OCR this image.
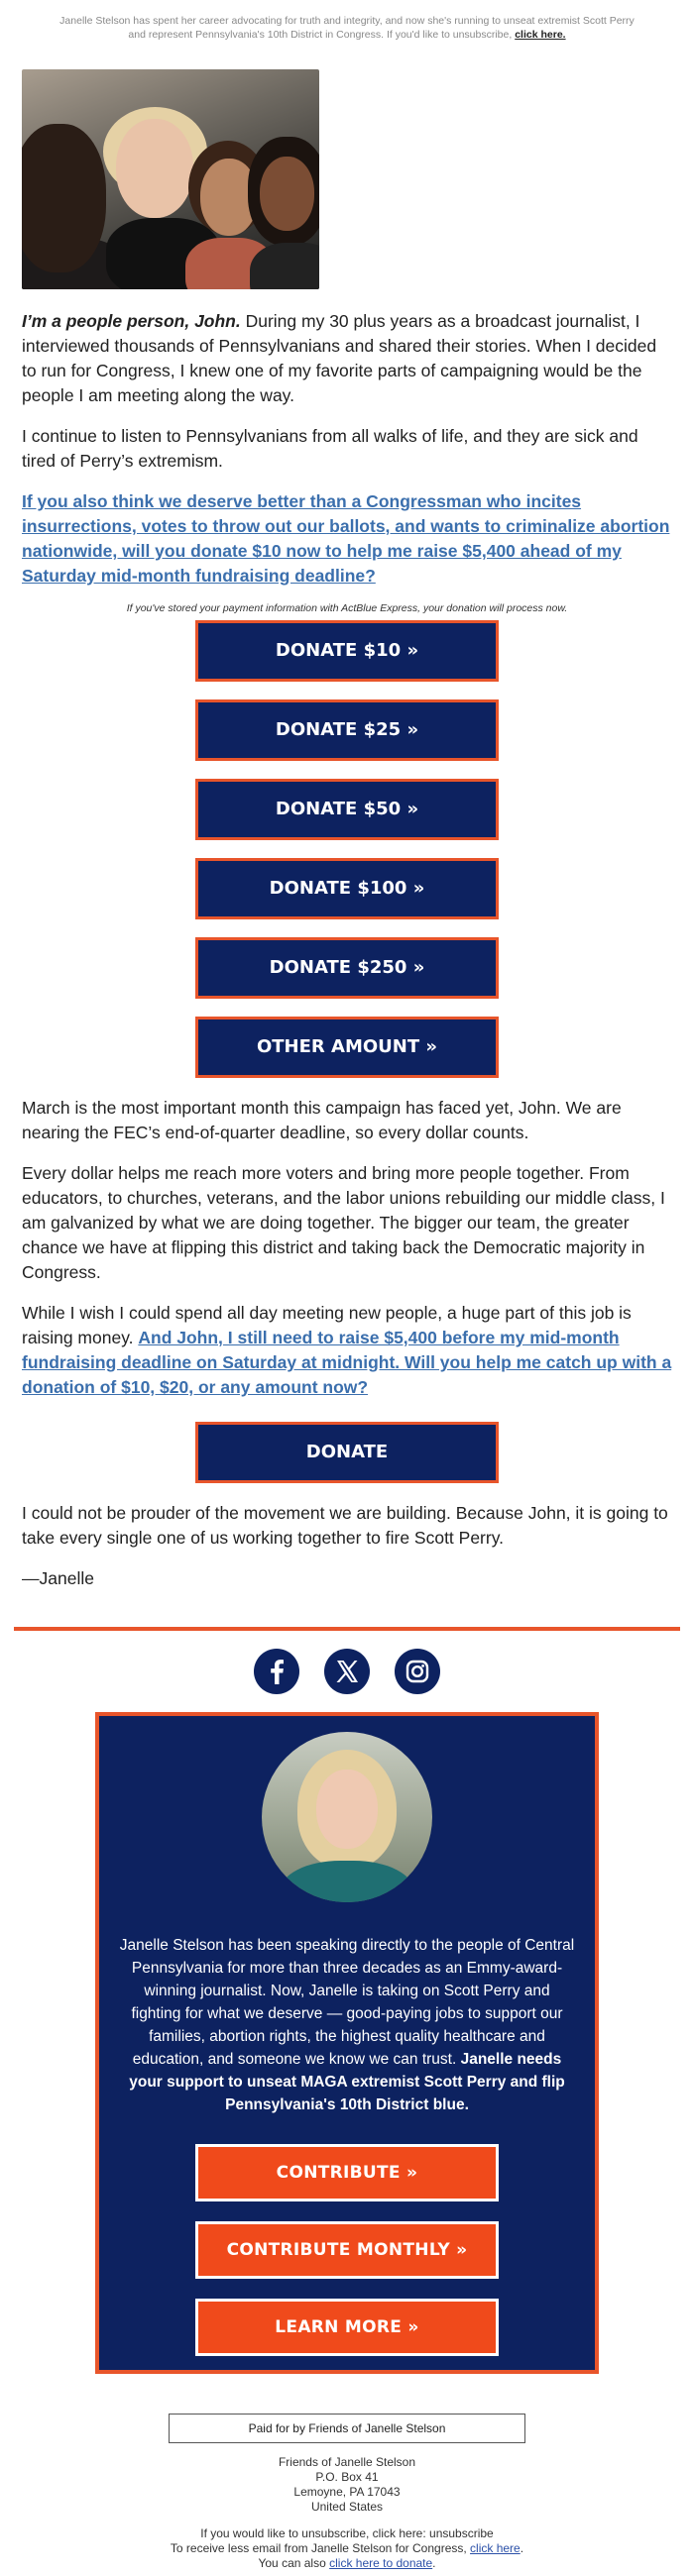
Janelle Stelson has spent her career advocating for truth and integrity, and now she's running to unseat extremist Scott Perry and represent Pennsylvania's 10th District in Congress. If you'd like to unsubscribe, click here.

I’m a people person, John. During my 30 plus years as a broadcast journalist, I interviewed thousands of Pennsylvanians and shared their stories. When I decided to run for Congress, I knew one of my favorite parts of campaigning would be the people I am meeting along the way.

I continue to listen to Pennsylvanians from all walks of life, and they are sick and tired of Perry’s extremism.

If you also think we deserve better than a Congressman who incites insurrections, votes to throw out our ballots, and wants to criminalize abortion nationwide, will you donate $10 now to help me raise $5,400 ahead of my Saturday mid-month fundraising deadline?

If you've stored your payment information with ActBlue Express, your donation will process now.
DONATE $10 »
DONATE $25 »
DONATE $50 »
DONATE $100 »
DONATE $250 »
OTHER AMOUNT »

March is the most important month this campaign has faced yet, John. We are nearing the FEC’s end-of-quarter deadline, so every dollar counts.

Every dollar helps me reach more voters and bring more people together. From educators, to churches, veterans, and the labor unions rebuilding our middle class, I am galvanized by what we are doing together. The bigger our team, the greater chance we have at flipping this district and taking back the Democratic majority in Congress.

While I wish I could spend all day meeting new people, a huge part of this job is raising money. And John, I still need to raise $5,400 before my mid-month fundraising deadline on Saturday at midnight. Will you help me catch up with a donation of $10, $20, or any amount now?

DONATE

I could not be prouder of the movement we are building. Because John, it is going to take every single one of us working together to fire Scott Perry.

—Janelle

Janelle Stelson has been speaking directly to the people of Central Pennsylvania for more than three decades as an Emmy-award-winning journalist. Now, Janelle is taking on Scott Perry and fighting for what we deserve — good-paying jobs to support our families, abortion rights, the highest quality healthcare and education, and someone we know we can trust. Janelle needs your support to unseat MAGA extremist Scott Perry and flip Pennsylvania's 10th District blue.
CONTRIBUTE »
CONTRIBUTE MONTHLY »
LEARN MORE »
Paid for by Friends of Janelle Stelson
Friends of Janelle Stelson
P.O. Box 41
Lemoyne, PA 17043
United States
If you would like to unsubscribe, click here: unsubscribe
To receive less email from Janelle Stelson for Congress, click here.
You can also click here to donate.
